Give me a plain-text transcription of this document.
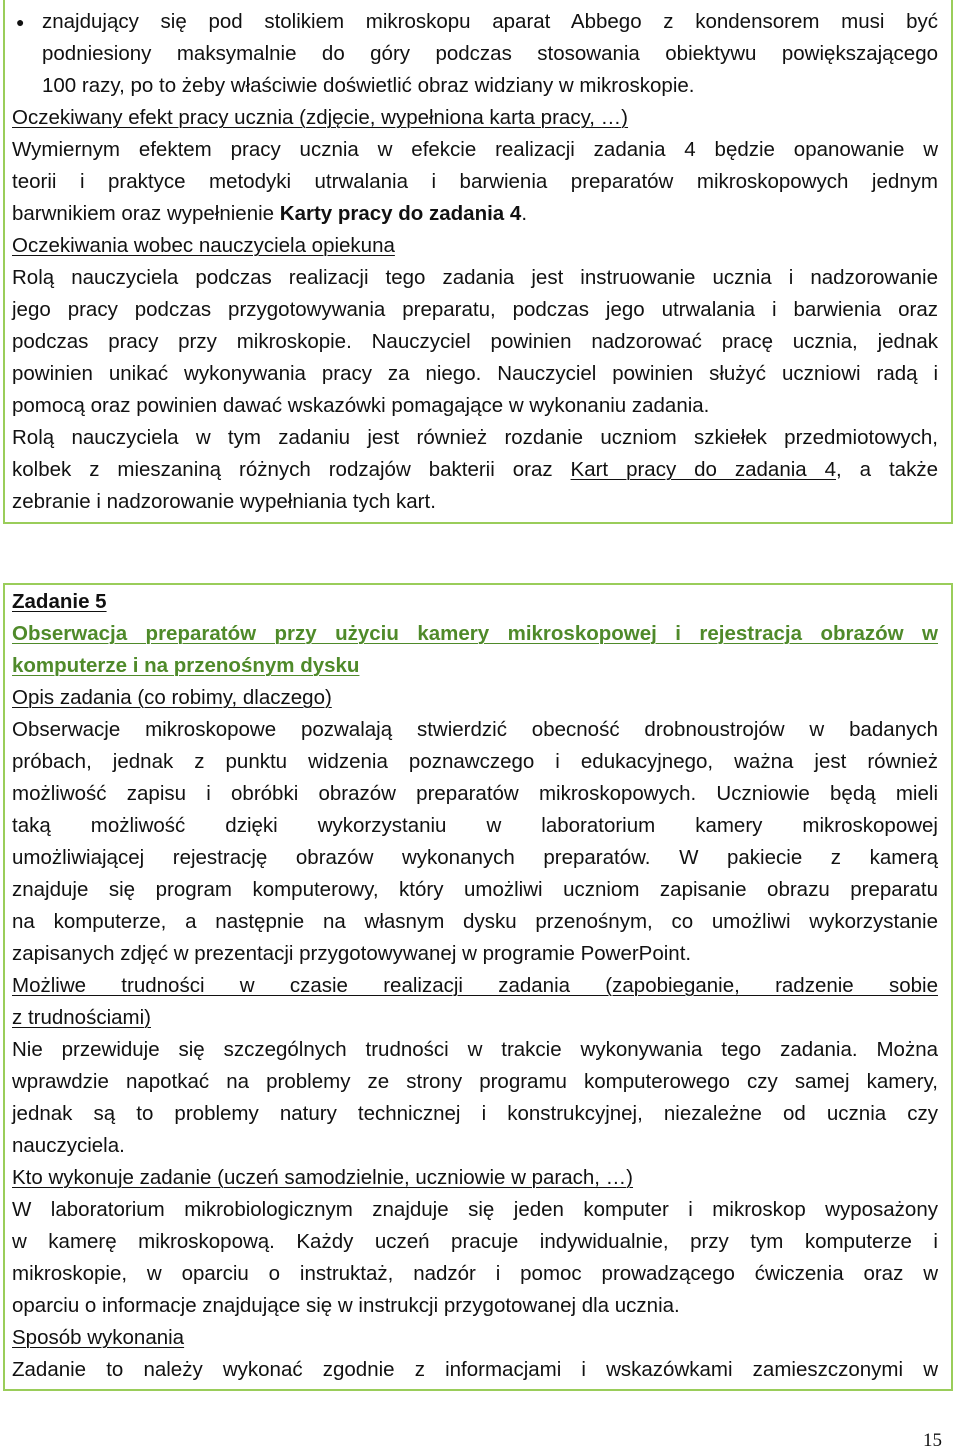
● znajdujący się pod stolikiem mikroskopu aparat Abbego z kondensorem musi być
podniesiony maksymalnie do góry podczas stosowania obiektywu powiększającego
100 razy, po to żeby właściwie doświetlić obraz widziany w mikroskopie.
Oczekiwany efekt pracy ucznia (zdjęcie, wypełniona karta pracy, …)
Wymiernym efektem pracy ucznia w efekcie realizacji zadania 4 będzie opanowanie w
teorii i praktyce metodyki utrwalania i barwienia preparatów mikroskopowych jednym
barwnikiem oraz wypełnienie Karty pracy do zadania 4.
Oczekiwania wobec nauczyciela opiekuna
Rolą nauczyciela podczas realizacji tego zadania jest instruowanie ucznia i nadzorowanie
jego pracy podczas przygotowywania preparatu, podczas jego utrwalania i barwienia oraz
podczas pracy przy mikroskopie. Nauczyciel powinien nadzorować pracę ucznia, jednak
powinien unikać wykonywania pracy za niego. Nauczyciel powinien służyć uczniowi radą i
pomocą oraz powinien dawać wskazówki pomagające w wykonaniu zadania.
Rolą nauczyciela w tym zadaniu jest również rozdanie uczniom szkiełek przedmiotowych,
kolbek z mieszaniną różnych rodzajów bakterii oraz Kart pracy do zadania 4, a także
zebranie i nadzorowanie wypełniania tych kart.
Zadanie 5
Obserwacja preparatów przy użyciu kamery mikroskopowej i rejestracja obrazów w
komputerze i na przenośnym dysku
Opis zadania (co robimy, dlaczego)
Obserwacje mikroskopowe pozwalają stwierdzić obecność drobnoustrojów w badanych
próbach, jednak z punktu widzenia poznawczego i edukacyjnego, ważna jest również
możliwość zapisu i obróbki obrazów preparatów mikroskopowych. Uczniowie będą mieli
taką możliwość dzięki wykorzystaniu w laboratorium kamery mikroskopowej
umożliwiającej rejestrację obrazów wykonanych preparatów. W pakiecie z kamerą
znajduje się program komputerowy, który umożliwi uczniom zapisanie obrazu preparatu
na komputerze, a następnie na własnym dysku przenośnym, co umożliwi wykorzystanie
zapisanych zdjęć w prezentacji przygotowywanej w programie PowerPoint.
Możliwe trudności w czasie realizacji zadania (zapobieganie, radzenie sobie
z trudnościami)
Nie przewiduje się szczególnych trudności w trakcie wykonywania tego zadania. Można
wprawdzie napotkać na problemy ze strony programu komputerowego czy samej kamery,
jednak są to problemy natury technicznej i konstrukcyjnej, niezależne od ucznia czy
nauczyciela.
Kto wykonuje zadanie (uczeń samodzielnie, uczniowie w parach, …)
W laboratorium mikrobiologicznym znajduje się jeden komputer i mikroskop wyposażony
w kamerę mikroskopową. Każdy uczeń pracuje indywidualnie, przy tym komputerze i
mikroskopie, w oparciu o instruktaż, nadzór i pomoc prowadzącego ćwiczenia oraz w
oparciu o informacje znajdujące się w instrukcji przygotowanej dla ucznia.
Sposób wykonania
Zadanie to należy wykonać zgodnie z informacjami i wskazówkami zamieszczonymi w
15
